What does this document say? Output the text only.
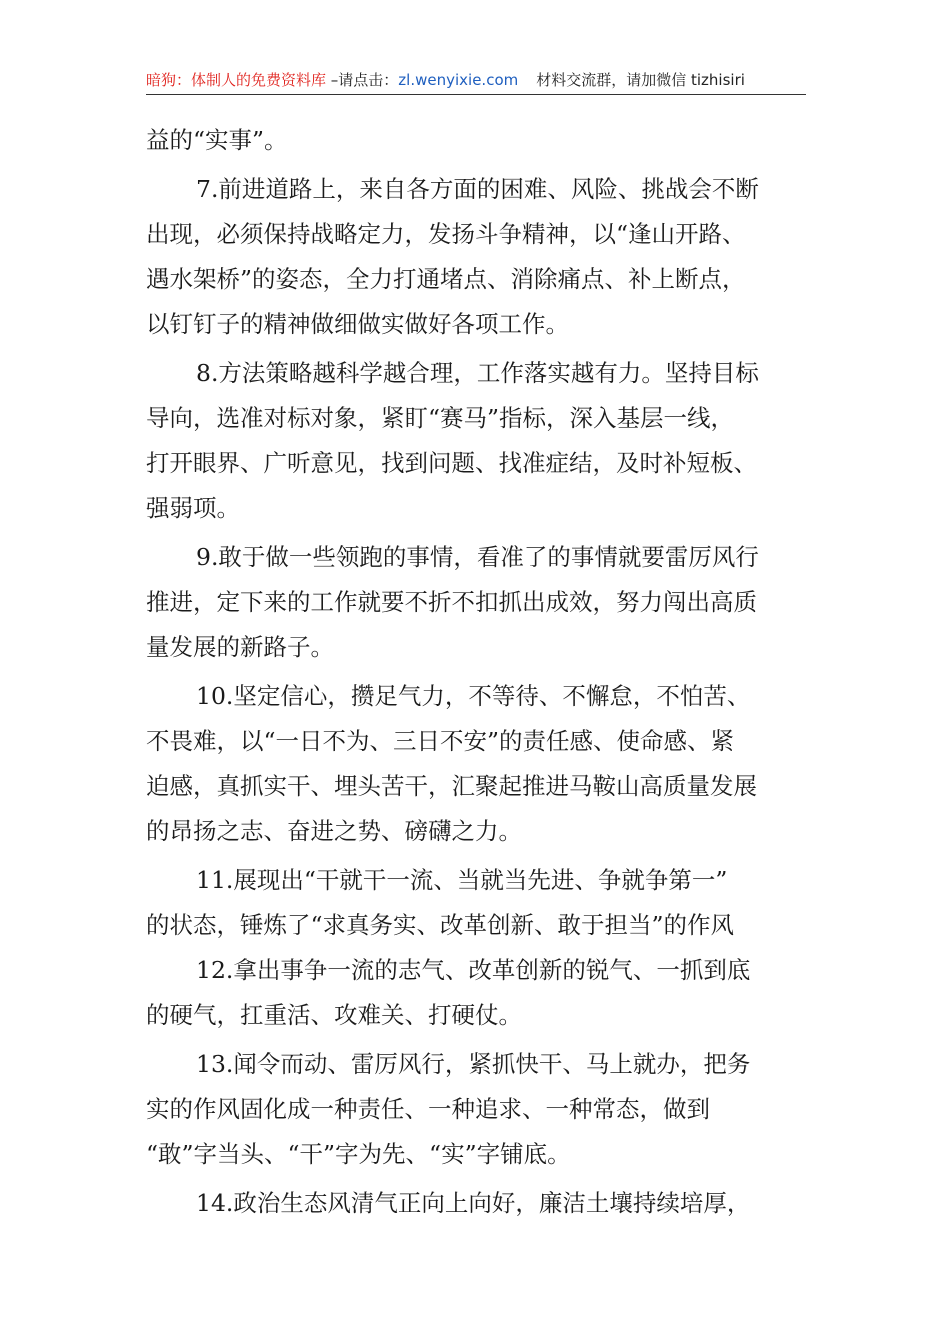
暗狗：体制人的免费资料库 –请点击：zl.wenyixie.com 材料交流群，请加微信 tizhisiri
益的“实事”。
7.前进道路上，来自各方面的困难、风险、挑战会不断
出现，必须保持战略定力，发扬斗争精神，以“逢山开路、
遇水架桥”的姿态，全力打通堵点、消除痛点、补上断点，
以钉钉子的精神做细做实做好各项工作。
8.方法策略越科学越合理，工作落实越有力。坚持目标
导向，选准对标对象，紧盯“赛马”指标，深入基层一线，
打开眼界、广听意见，找到问题、找准症结，及时补短板、
强弱项。
9.敢于做一些领跑的事情，看准了的事情就要雷厉风行
推进，定下来的工作就要不折不扣抓出成效，努力闯出高质
量发展的新路子。
10.坚定信心，攒足气力，不等待、不懈怠，不怕苦、
不畏难，以“一日不为、三日不安”的责任感、使命感、紧
迫感，真抓实干、埋头苦干，汇聚起推进马鞍山高质量发展
的昂扬之志、奋进之势、磅礴之力。
11.展现出“干就干一流、当就当先进、争就争第一”
的状态，锤炼了“求真务实、改革创新、敢于担当”的作风
12.拿出事争一流的志气、改革创新的锐气、一抓到底
的硬气，扛重活、攻难关、打硬仗。
13.闻令而动、雷厉风行，紧抓快干、马上就办，把务
实的作风固化成一种责任、一种追求、一种常态，做到
“敢”字当头、“干”字为先、“实”字铺底。
14.政治生态风清气正向上向好，廉洁土壤持续培厚，
